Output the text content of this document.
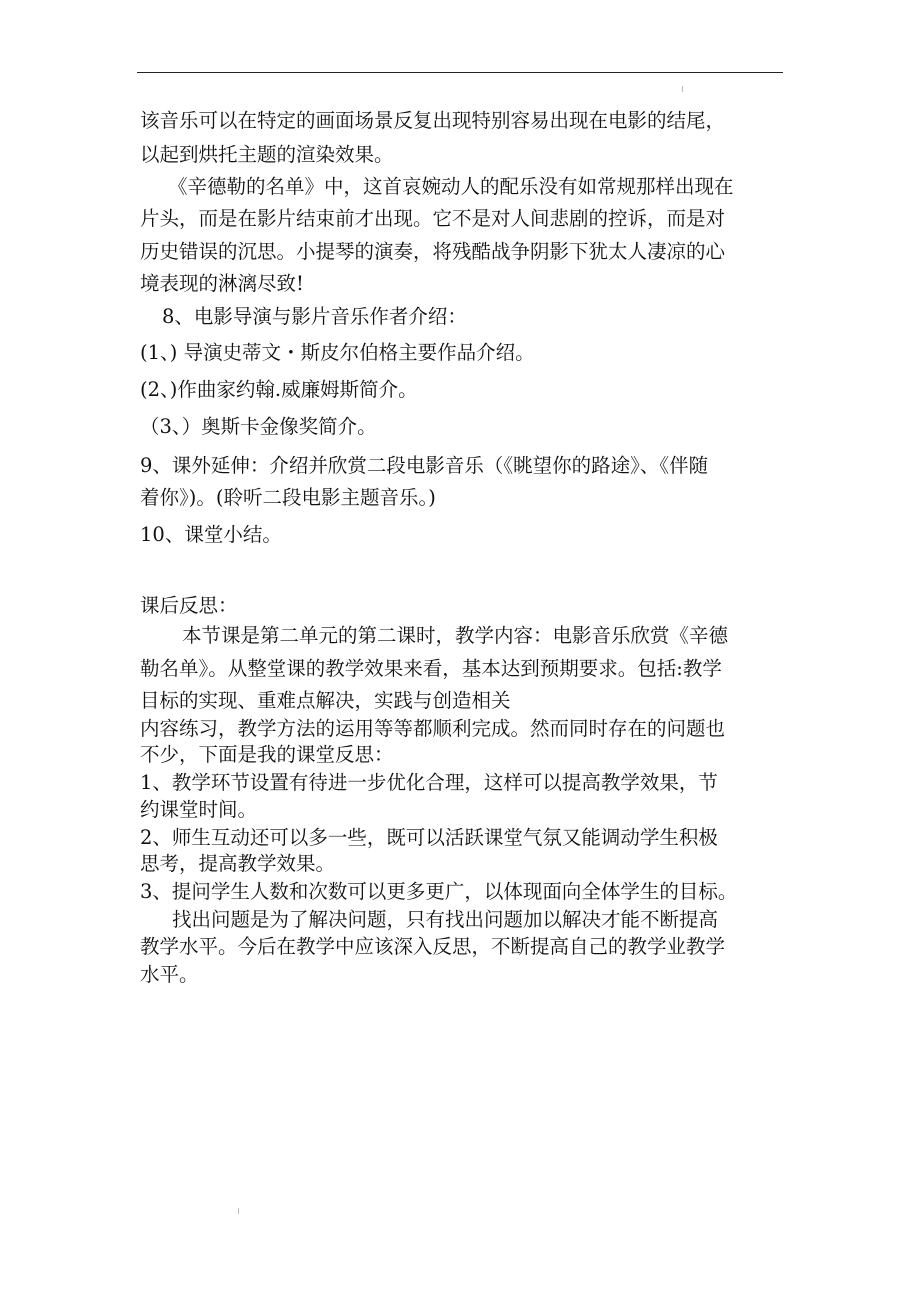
该音乐可以在特定的画面场景反复出现特别容易出现在电影的结尾，
以起到烘托主题的渲染效果。
《辛德勒的名单》中，这首哀婉动人的配乐没有如常规那样出现在
片头，而是在影片结束前才出现。它不是对人间悲剧的控诉，而是对
历史错误的沉思。小提琴的演奏，将残酷战争阴影下犹太人凄凉的心
境表现的淋漓尽致!
8、电影导演与影片音乐作者介绍：
(1、) 导演史蒂文・斯皮尔伯格主要作品介绍。
(2、)作曲家约翰.威廉姆斯简介。
（3、）奥斯卡金像奖简介。
9、课外延伸：介绍并欣赏二段电影音乐（《眺望你的路途》、《伴随
着你》)。(聆听二段电影主题音乐。)
10、课堂小结。
课后反思：
本节课是第二单元的第二课时，教学内容：电影音乐欣赏《辛德
勒名单》。从整堂课的教学效果来看，基本达到预期要求。包括:教学
目标的实现、重难点解决，实践与创造相关
内容练习，教学方法的运用等等都顺利完成。然而同时存在的问题也
不少，下面是我的课堂反思：
1、教学环节设置有待进一步优化合理，这样可以提高教学效果，节
约课堂时间。
2、师生互动还可以多一些，既可以活跃课堂气氛又能调动学生积极
思考，提高教学效果。
3、提问学生人数和次数可以更多更广，以体现面向全体学生的目标。
找出问题是为了解决问题，只有找出问题加以解决才能不断提高
教学水平。今后在教学中应该深入反思，不断提高自己的教学业教学
水平。
